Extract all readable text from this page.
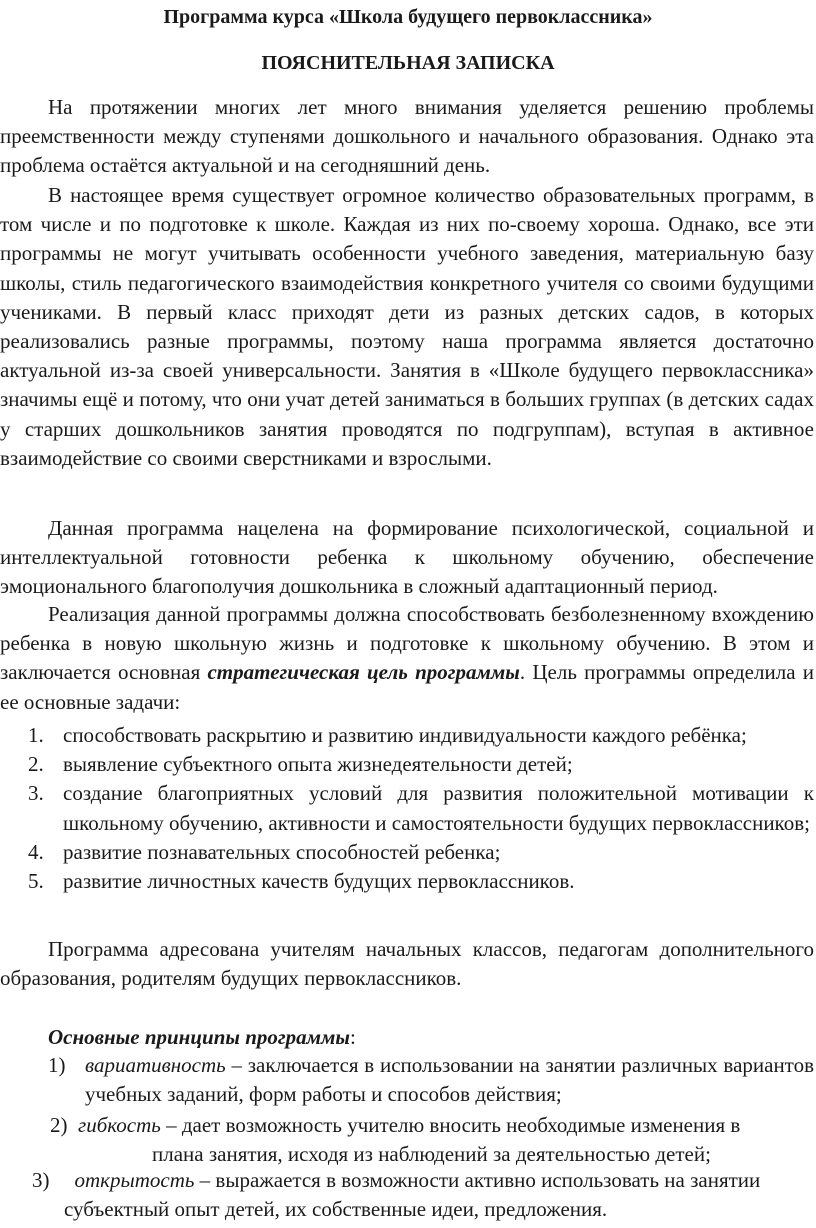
Программа курса «Школа будущего первоклассника»
ПОЯСНИТЕЛЬНАЯ ЗАПИСКА

На протяжении многих лет много внимания уделяется решению проблемы преемственности между ступенями дошкольного и начального образования. Однако эта проблема остаётся актуальной и на сегодняшний день.

В настоящее время существует огромное количество образовательных программ, в том числе и по подготовке к школе. Каждая из них по-своему хороша. Однако, все эти программы не могут учитывать особенности учебного заведения, материальную базу школы, стиль педагогического взаимодействия конкретного учителя со своими будущими учениками. В первый класс приходят дети из разных детских садов, в которых реализовались разные программы, поэтому наша программа является достаточно актуальной из-за своей универсальности. Занятия в «Школе будущего первоклассника» значимы ещё и потому, что они учат детей заниматься в больших группах (в детских садах у старших дошкольников занятия проводятся по подгруппам), вступая в активное взаимодействие со своими сверстниками и взрослыми.

Данная программа нацелена на формирование психологической, социальной и интеллектуальной готовности ребенка к школьному обучению, обеспечение эмоционального благополучия дошкольника в сложный адаптационный период.

Реализация данной программы должна способствовать безболезненному вхождению ребенка в новую школьную жизнь и подготовке к школьному обучению. В этом и заключается основная стратегическая цель программы. Цель программы определила и ее основные задачи:

1. способствовать раскрытию и развитию индивидуальности каждого ребёнка;
2. выявление субъектного опыта жизнедеятельности детей;
3. создание благоприятных условий для развития положительной мотивации к школьному обучению, активности и самостоятельности будущих первоклассников;
4. развитие познавательных способностей ребенка;
5. развитие личностных качеств будущих первоклассников.

Программа адресована учителям начальных классов, педагогам дополнительного образования, родителям будущих первоклассников.

Основные принципы программы:
1) вариативность – заключается в использовании на занятии различных вариантов учебных заданий, форм работы и способов действия;
2) гибкость – дает возможность учителю вносить необходимые изменения в
плана занятия, исходя из наблюдений за деятельностью детей;
3) открытость – выражается в возможности активно использовать на занятии субъектный опыт детей, их собственные идеи, предложения.
